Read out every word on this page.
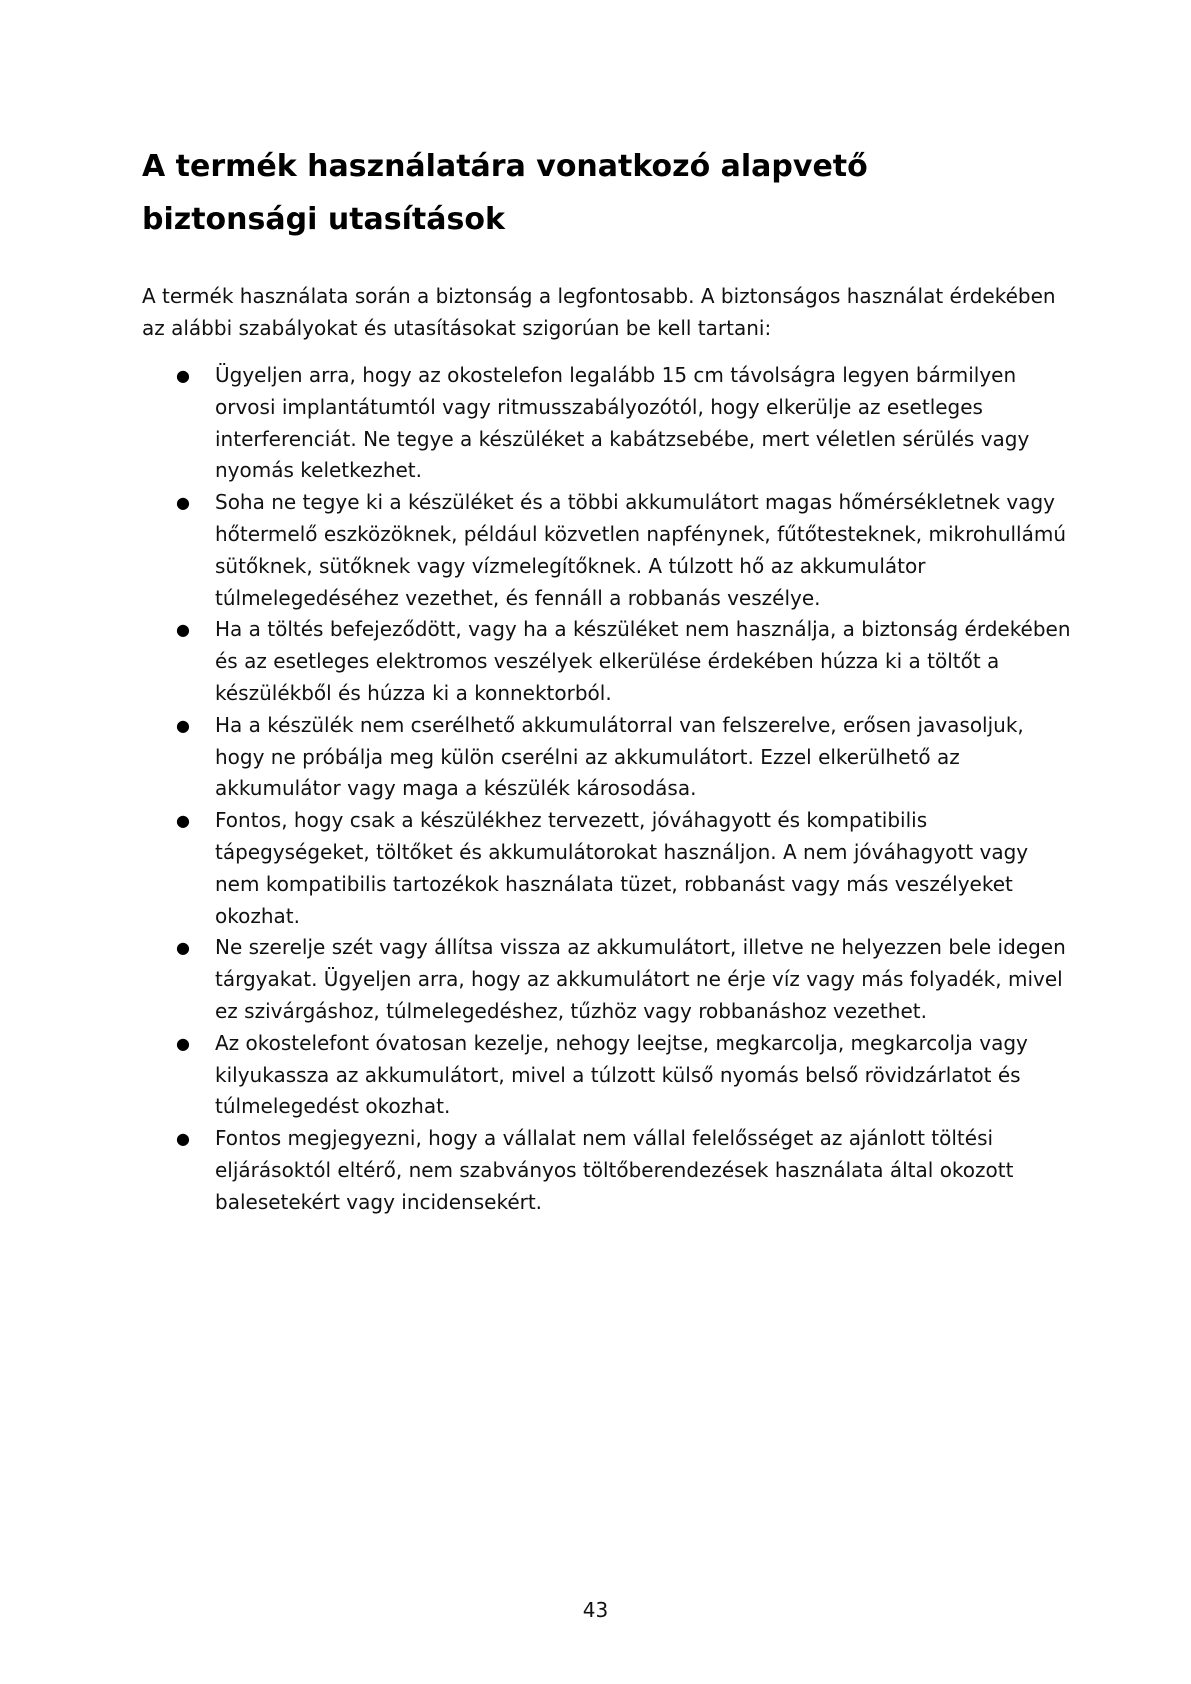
A termék használatára vonatkozó alapvető biztonsági utasítások

A termék használata során a biztonság a legfontosabb. A biztonságos használat érdekében az alábbi szabályokat és utasításokat szigorúan be kell tartani:

● Ügyeljen arra, hogy az okostelefon legalább 15 cm távolságra legyen bármilyen orvosi implantátumtól vagy ritmusszabályozótól, hogy elkerülje az esetleges interferenciát. Ne tegye a készüléket a kabátzsebébe, mert véletlen sérülés vagy nyomás keletkezhet.
● Soha ne tegye ki a készüléket és a többi akkumulátort magas hőmérsékletnek vagy hőtermelő eszközöknek, például közvetlen napfénynek, fűtőtesteknek, mikrohullámú sütőknek, sütőknek vagy vízmelegítőknek. A túlzott hő az akkumulátor túlmelegedéséhez vezethet, és fennáll a robbanás veszélye.
● Ha a töltés befejeződött, vagy ha a készüléket nem használja, a biztonság érdekében és az esetleges elektromos veszélyek elkerülése érdekében húzza ki a töltőt a készülékből és húzza ki a konnektorból.
● Ha a készülék nem cserélhető akkumulátorral van felszerelve, erősen javasoljuk, hogy ne próbálja meg külön cserélni az akkumulátort. Ezzel elkerülhető az akkumulátor vagy maga a készülék károsodása.
● Fontos, hogy csak a készülékhez tervezett, jóváhagyott és kompatibilis tápegységeket, töltőket és akkumulátorokat használjon. A nem jóváhagyott vagy nem kompatibilis tartozékok használata tüzet, robbanást vagy más veszélyeket okozhat.
● Ne szerelje szét vagy állítsa vissza az akkumulátort, illetve ne helyezzen bele idegen tárgyakat. Ügyeljen arra, hogy az akkumulátort ne érje víz vagy más folyadék, mivel ez szivárgáshoz, túlmelegedéshez, tűzhöz vagy robbanáshoz vezethet.
● Az okostelefont óvatosan kezelje, nehogy leejtse, megkarcolja, megkarcolja vagy kilyukassza az akkumulátort, mivel a túlzott külső nyomás belső rövidzárlatot és túlmelegedést okozhat.
● Fontos megjegyezni, hogy a vállalat nem vállal felelősséget az ajánlott töltési eljárásoktól eltérő, nem szabványos töltőberendezések használata által okozott balesetekért vagy incidensekért.
43
